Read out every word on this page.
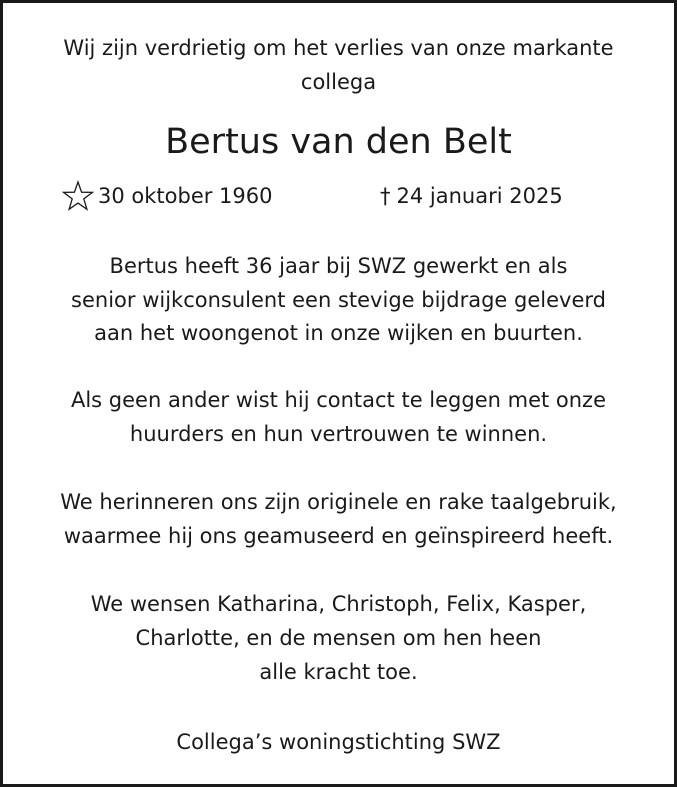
Wij zijn verdrietig om het verlies van onze markante
collega
Bertus van den Belt
30 oktober 1960	† 24 januari 2025
Bertus heeft 36 jaar bij SWZ gewerkt en als
senior wijkconsulent een stevige bijdrage geleverd
aan het woongenot in onze wijken en buurten.
Als geen ander wist hij contact te leggen met onze
huurders en hun vertrouwen te winnen.
We herinneren ons zijn originele en rake taalgebruik,
waarmee hij ons geamuseerd en geïnspireerd heeft.
We wensen Katharina, Christoph, Felix, Kasper,
Charlotte, en de mensen om hen heen
alle kracht toe.
Collega’s woningstichting SWZ
